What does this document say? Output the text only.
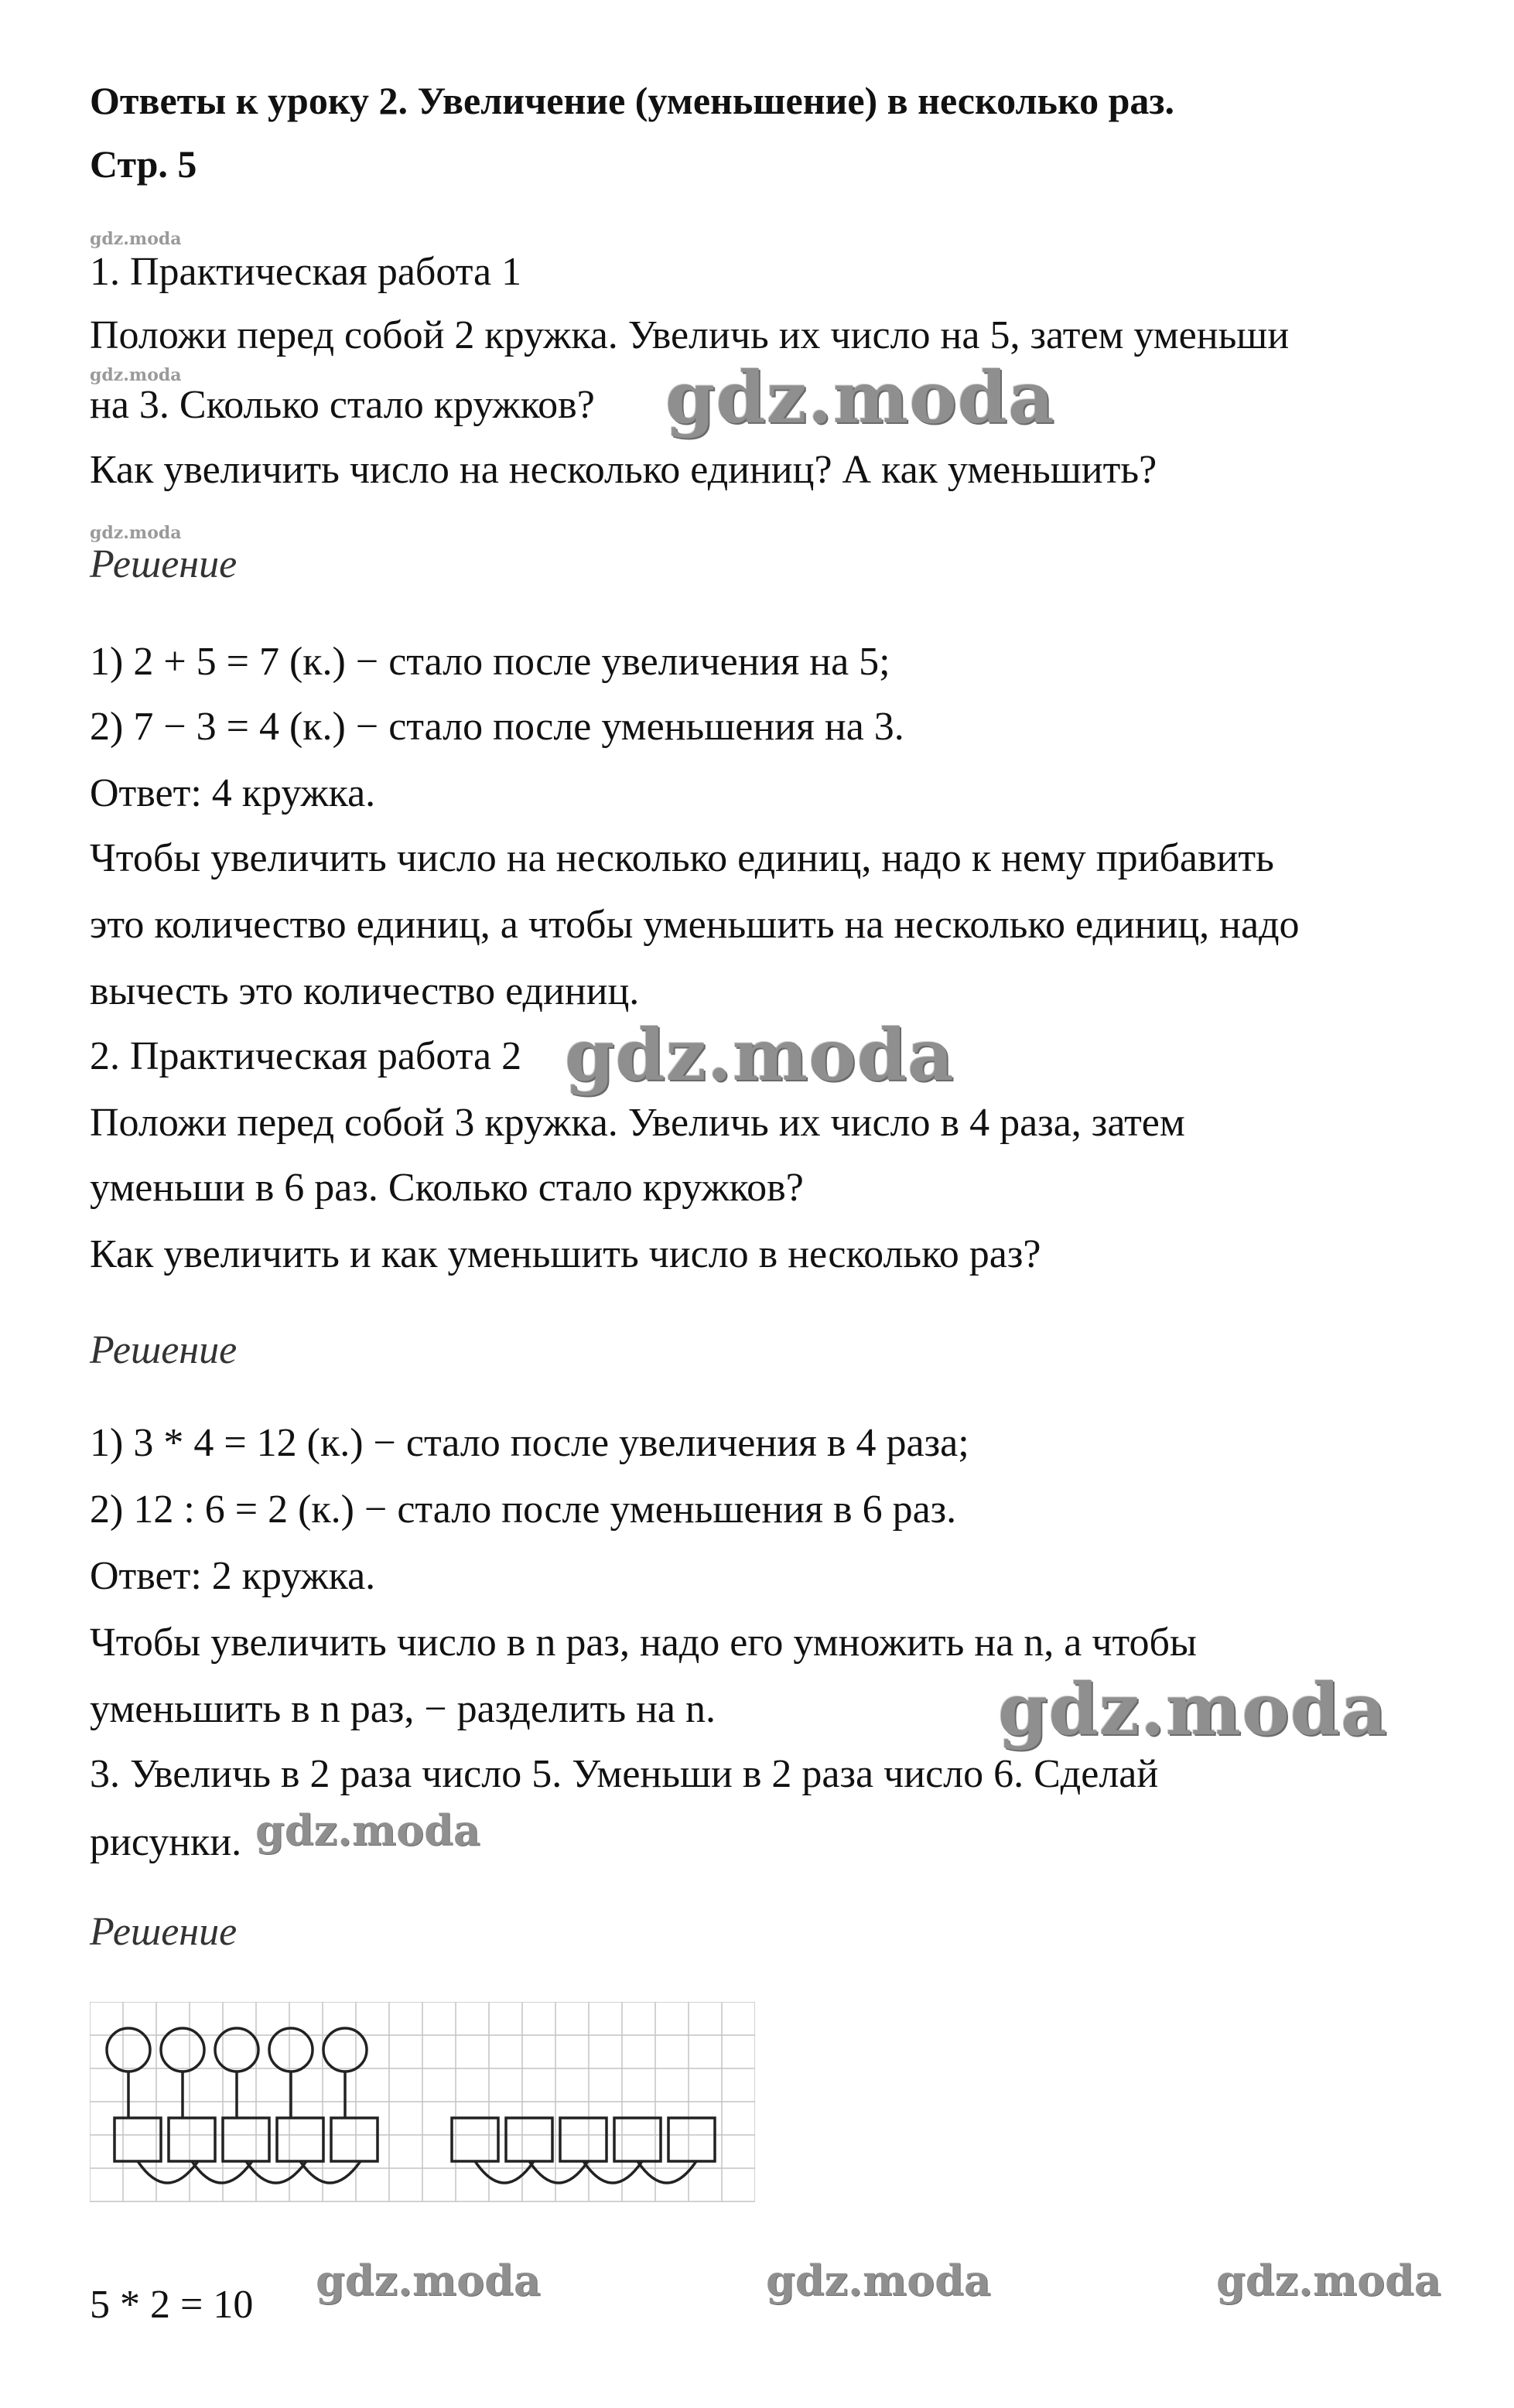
Ответы к уроку 2. Увеличение (уменьшение) в несколько раз.
Стр. 5
gdz.moda
1. Практическая работа 1
Положи перед собой 2 кружка. Увеличь их число на 5, затем уменьши
gdz.moda
на 3. Сколько стало кружков? gdz.moda
Как увеличить число на несколько единиц? А как уменьшить?
gdz.moda
Решение
1) 2 + 5 = 7 (к.) − стало после увеличения на 5;
2) 7 − 3 = 4 (к.) − стало после уменьшения на 3.
Ответ: 4 кружка.
Чтобы увеличить число на несколько единиц, надо к нему прибавить
это количество единиц, а чтобы уменьшить на несколько единиц, надо
вычесть это количество единиц.
2. Практическая работа 2 gdz.moda
Положи перед собой 3 кружка. Увеличь их число в 4 раза, затем
уменьши в 6 раз. Сколько стало кружков?
Как увеличить и как уменьшить число в несколько раз?
Решение
1) 3 * 4 = 12 (к.) − стало после увеличения в 4 раза;
2) 12 : 6 = 2 (к.) − стало после уменьшения в 6 раз.
Ответ: 2 кружка.
Чтобы увеличить число в n раз, надо его умножить на n, а чтобы
уменьшить в n раз, − разделить на n.	gdz.moda
3. Увеличь в 2 раза число 5. Уменьши в 2 раза число 6. Сделай
рисунки. gdz.moda
Решение
5 * 2 = 10 gdz.moda	gdz.moda	gdz.moda
